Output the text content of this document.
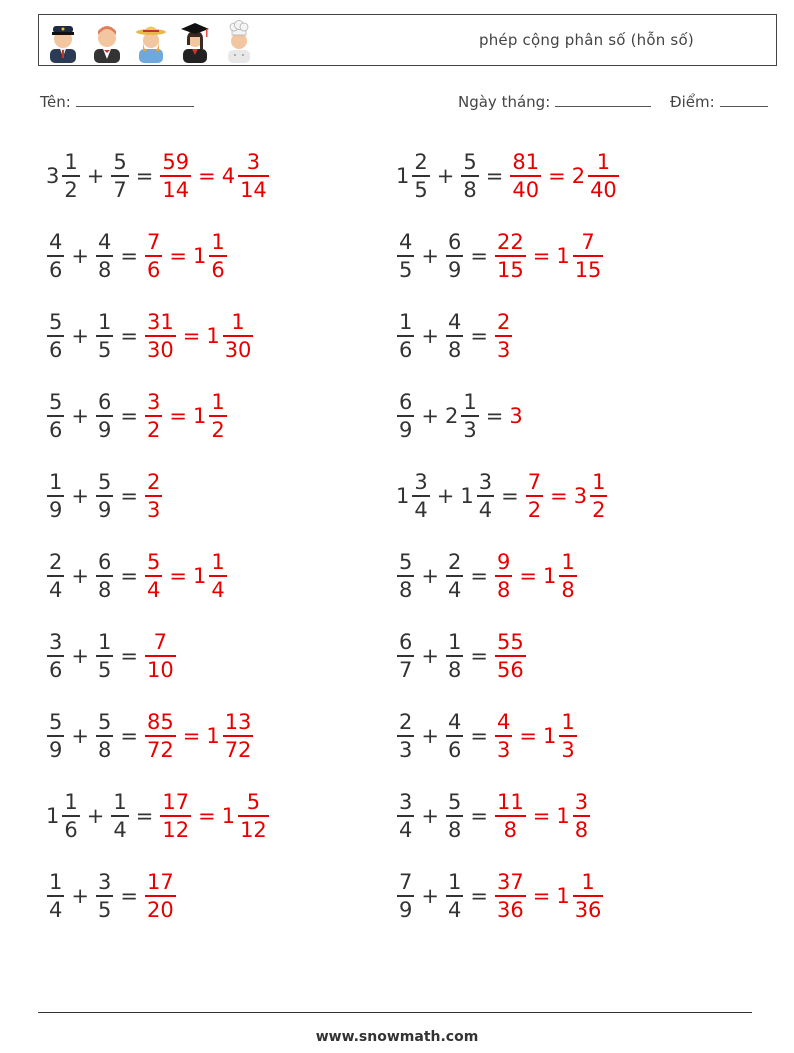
phép cộng phân số (hỗn số)
Tên:	Ngày tháng:	Điểm:
$3 \frac{1}{2} + \frac{5}{7} = \frac{59}{14} = 4 \frac{3}{14}$	$1 \frac{2}{5} + \frac{5}{8} = \frac{81}{40} = 2 \frac{1}{40}$
$\frac{4}{6} + \frac{4}{8} = \frac{7}{6} = 1 \frac{1}{6}$	$\frac{4}{5} + \frac{6}{9} = \frac{22}{15} = 1 \frac{7}{15}$
$\frac{5}{6} + \frac{1}{5} = \frac{31}{30} = 1 \frac{1}{30}$	$\frac{1}{6} + \frac{4}{8} = \frac{2}{3}$
$\frac{5}{6} + \frac{6}{9} = \frac{3}{2} = 1 \frac{1}{2}$	$\frac{6}{9} + 2 \frac{1}{3} = 3$
$\frac{1}{9} + \frac{5}{9} = \frac{2}{3}$	$1 \frac{3}{4} + 1 \frac{3}{4} = \frac{7}{2} = 3 \frac{1}{2}$
$\frac{2}{4} + \frac{6}{8} = \frac{5}{4} = 1 \frac{1}{4}$	$\frac{5}{8} + \frac{2}{4} = \frac{9}{8} = 1 \frac{1}{8}$
$\frac{3}{6} + \frac{1}{5} = \frac{7}{10}$	$\frac{6}{7} + \frac{1}{8} = \frac{55}{56}$
$\frac{5}{9} + \frac{5}{8} = \frac{85}{72} = 1 \frac{13}{72}$	$\frac{2}{3} + \frac{4}{6} = \frac{4}{3} = 1 \frac{1}{3}$
$1 \frac{1}{6} + \frac{1}{4} = \frac{17}{12} = 1 \frac{5}{12}$	$\frac{3}{4} + \frac{5}{8} = \frac{11}{8} = 1 \frac{3}{8}$
$\frac{1}{4} + \frac{3}{5} = \frac{17}{20}$	$\frac{7}{9} + \frac{1}{4} = \frac{37}{36} = 1 \frac{1}{36}$
www.snowmath.com
